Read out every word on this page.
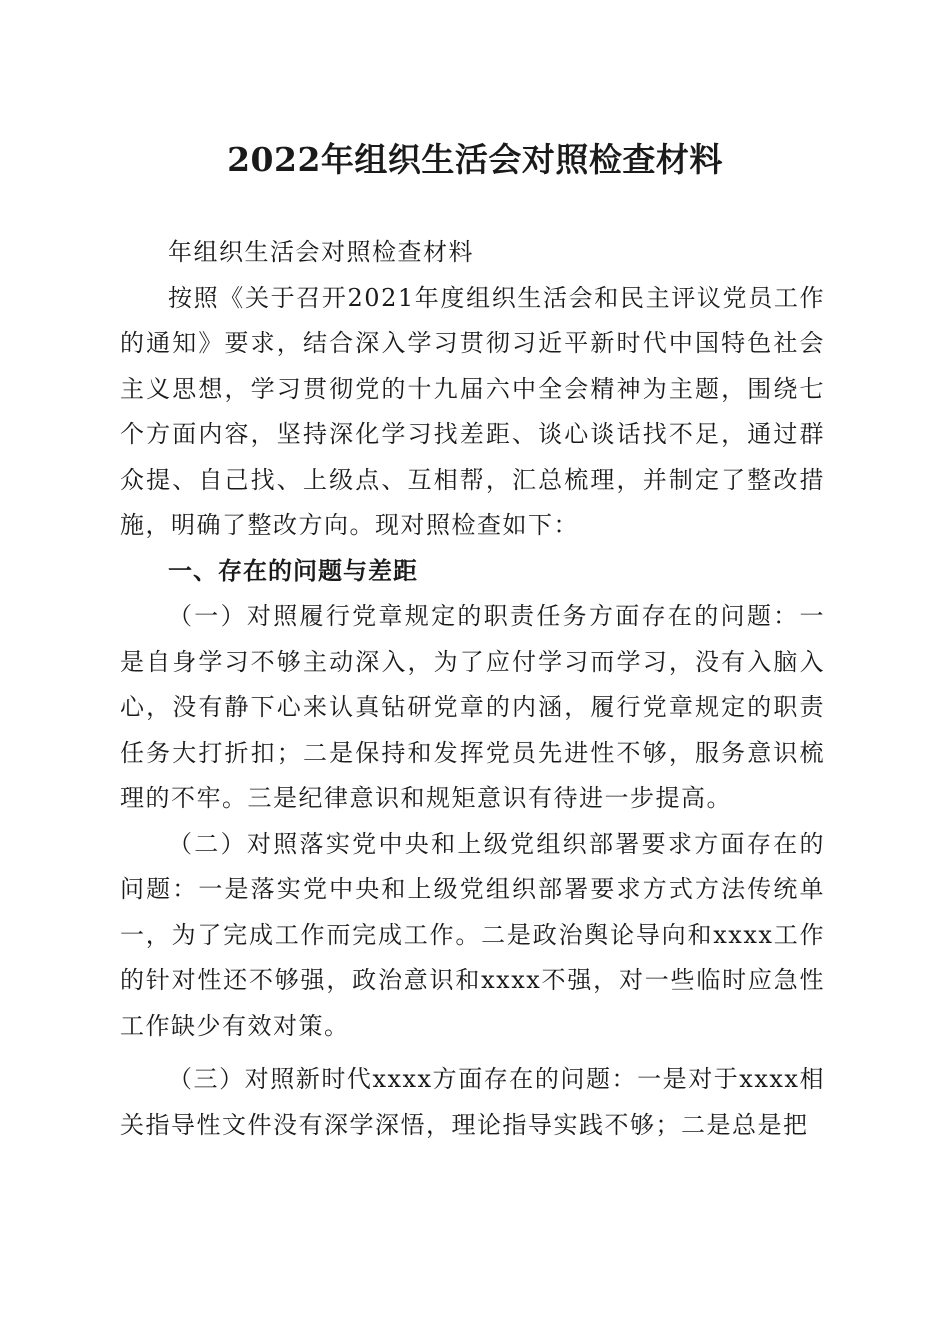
2022年组织生活会对照检查材料

年组织生活会对照检查材料

按照《关于召开2021年度组织生活会和民主评议党员工作的通知》要求，结合深入学习贯彻习近平新时代中国特色社会主义思想，学习贯彻党的十九届六中全会精神为主题，围绕七个方面内容，坚持深化学习找差距、谈心谈话找不足，通过群众提、自己找、上级点、互相帮，汇总梳理，并制定了整改措施，明确了整改方向。现对照检查如下：

一、存在的问题与差距

（一）对照履行党章规定的职责任务方面存在的问题：一是自身学习不够主动深入，为了应付学习而学习，没有入脑入心，没有静下心来认真钻研党章的内涵，履行党章规定的职责任务大打折扣；二是保持和发挥党员先进性不够，服务意识梳理的不牢。三是纪律意识和规矩意识有待进一步提高。

（二）对照落实党中央和上级党组织部署要求方面存在的问题：一是落实党中央和上级党组织部署要求方式方法传统单一，为了完成工作而完成工作。二是政治舆论导向和xxxx工作的针对性还不够强，政治意识和xxxx不强，对一些临时应急性工作缺少有效对策。

（三）对照新时代xxxx方面存在的问题：一是对于xxxx相关指导性文件没有深学深悟，理论指导实践不够；二是总是把
